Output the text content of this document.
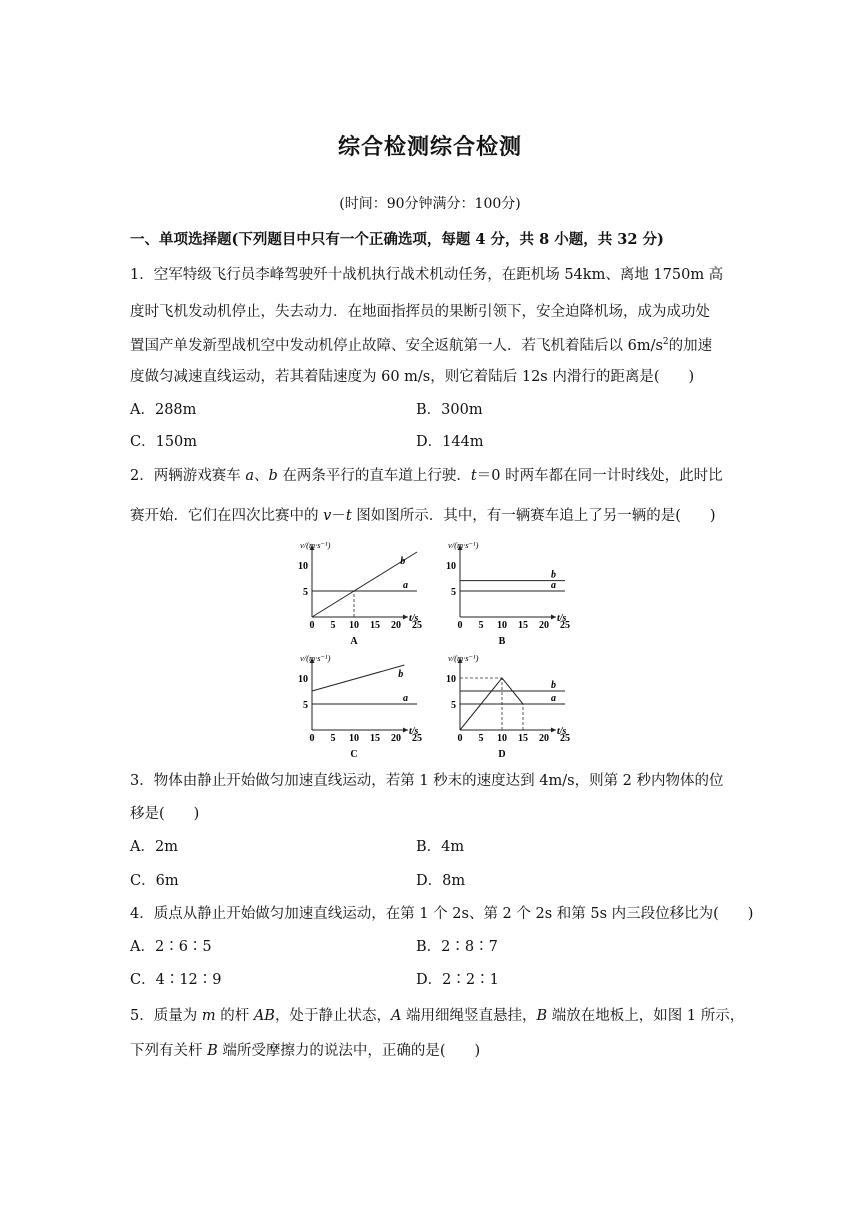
综合检测综合检测
(时间：90分钟满分：100分)
一、单项选择题(下列题目中只有一个正确选项，每题 4 分，共 8 小题，共 32 分)
1．空军特级飞行员李峰驾驶歼十战机执行战术机动任务，在距机场 54km、离地 1750m 高
度时飞机发动机停止，失去动力．在地面指挥员的果断引领下，安全迫降机场，成为成功处
置国产单发新型战机空中发动机停止故障、安全返航第一人．若飞机着陆后以 $6m/s^2$的加速
度做匀减速直线运动，若其着陆速度为 60 m/s，则它着陆后 12s 内滑行的距离是(　　)
A．288m	B．300m
C．150m	D．144m
2．两辆游戏赛车 a、b 在两条平行的直车道上行驶．t＝0 时两车都在同一计时线处，此时比
赛开始．它们在四次比赛中的 v－t 图如图所示．其中，有一辆赛车追上了另一辆的是(　　)
v/(m·s⁻¹)
t/s
0 5 10 15 20 25
5
10
a
b
A
v/(m·s⁻¹)
t/s
0 5 10 15 20 25
5
10
a
b
B
v/(m·s⁻¹)
t/s
0 5 10 15 20 25
5
10
a
b
C
v/(m·s⁻¹)
t/s
0 5 10 15 20 25
5
10
a
b
D
3．物体由静止开始做匀加速直线运动，若第 1 秒末的速度达到 4m/s，则第 2 秒内物体的位
移是(　　)
A．2m	B．4m
C．6m	D．8m
4．质点从静止开始做匀加速直线运动，在第 1 个 2s、第 2 个 2s 和第 5s 内三段位移比为(　　)
A．2∶6∶5	B．2∶8∶7
C．4∶12∶9	D．2∶2∶1
5．质量为 m 的杆 AB，处于静止状态，A 端用细绳竖直悬挂，B 端放在地板上，如图 1 所示，
下列有关杆 B 端所受摩擦力的说法中，正确的是(　　)
